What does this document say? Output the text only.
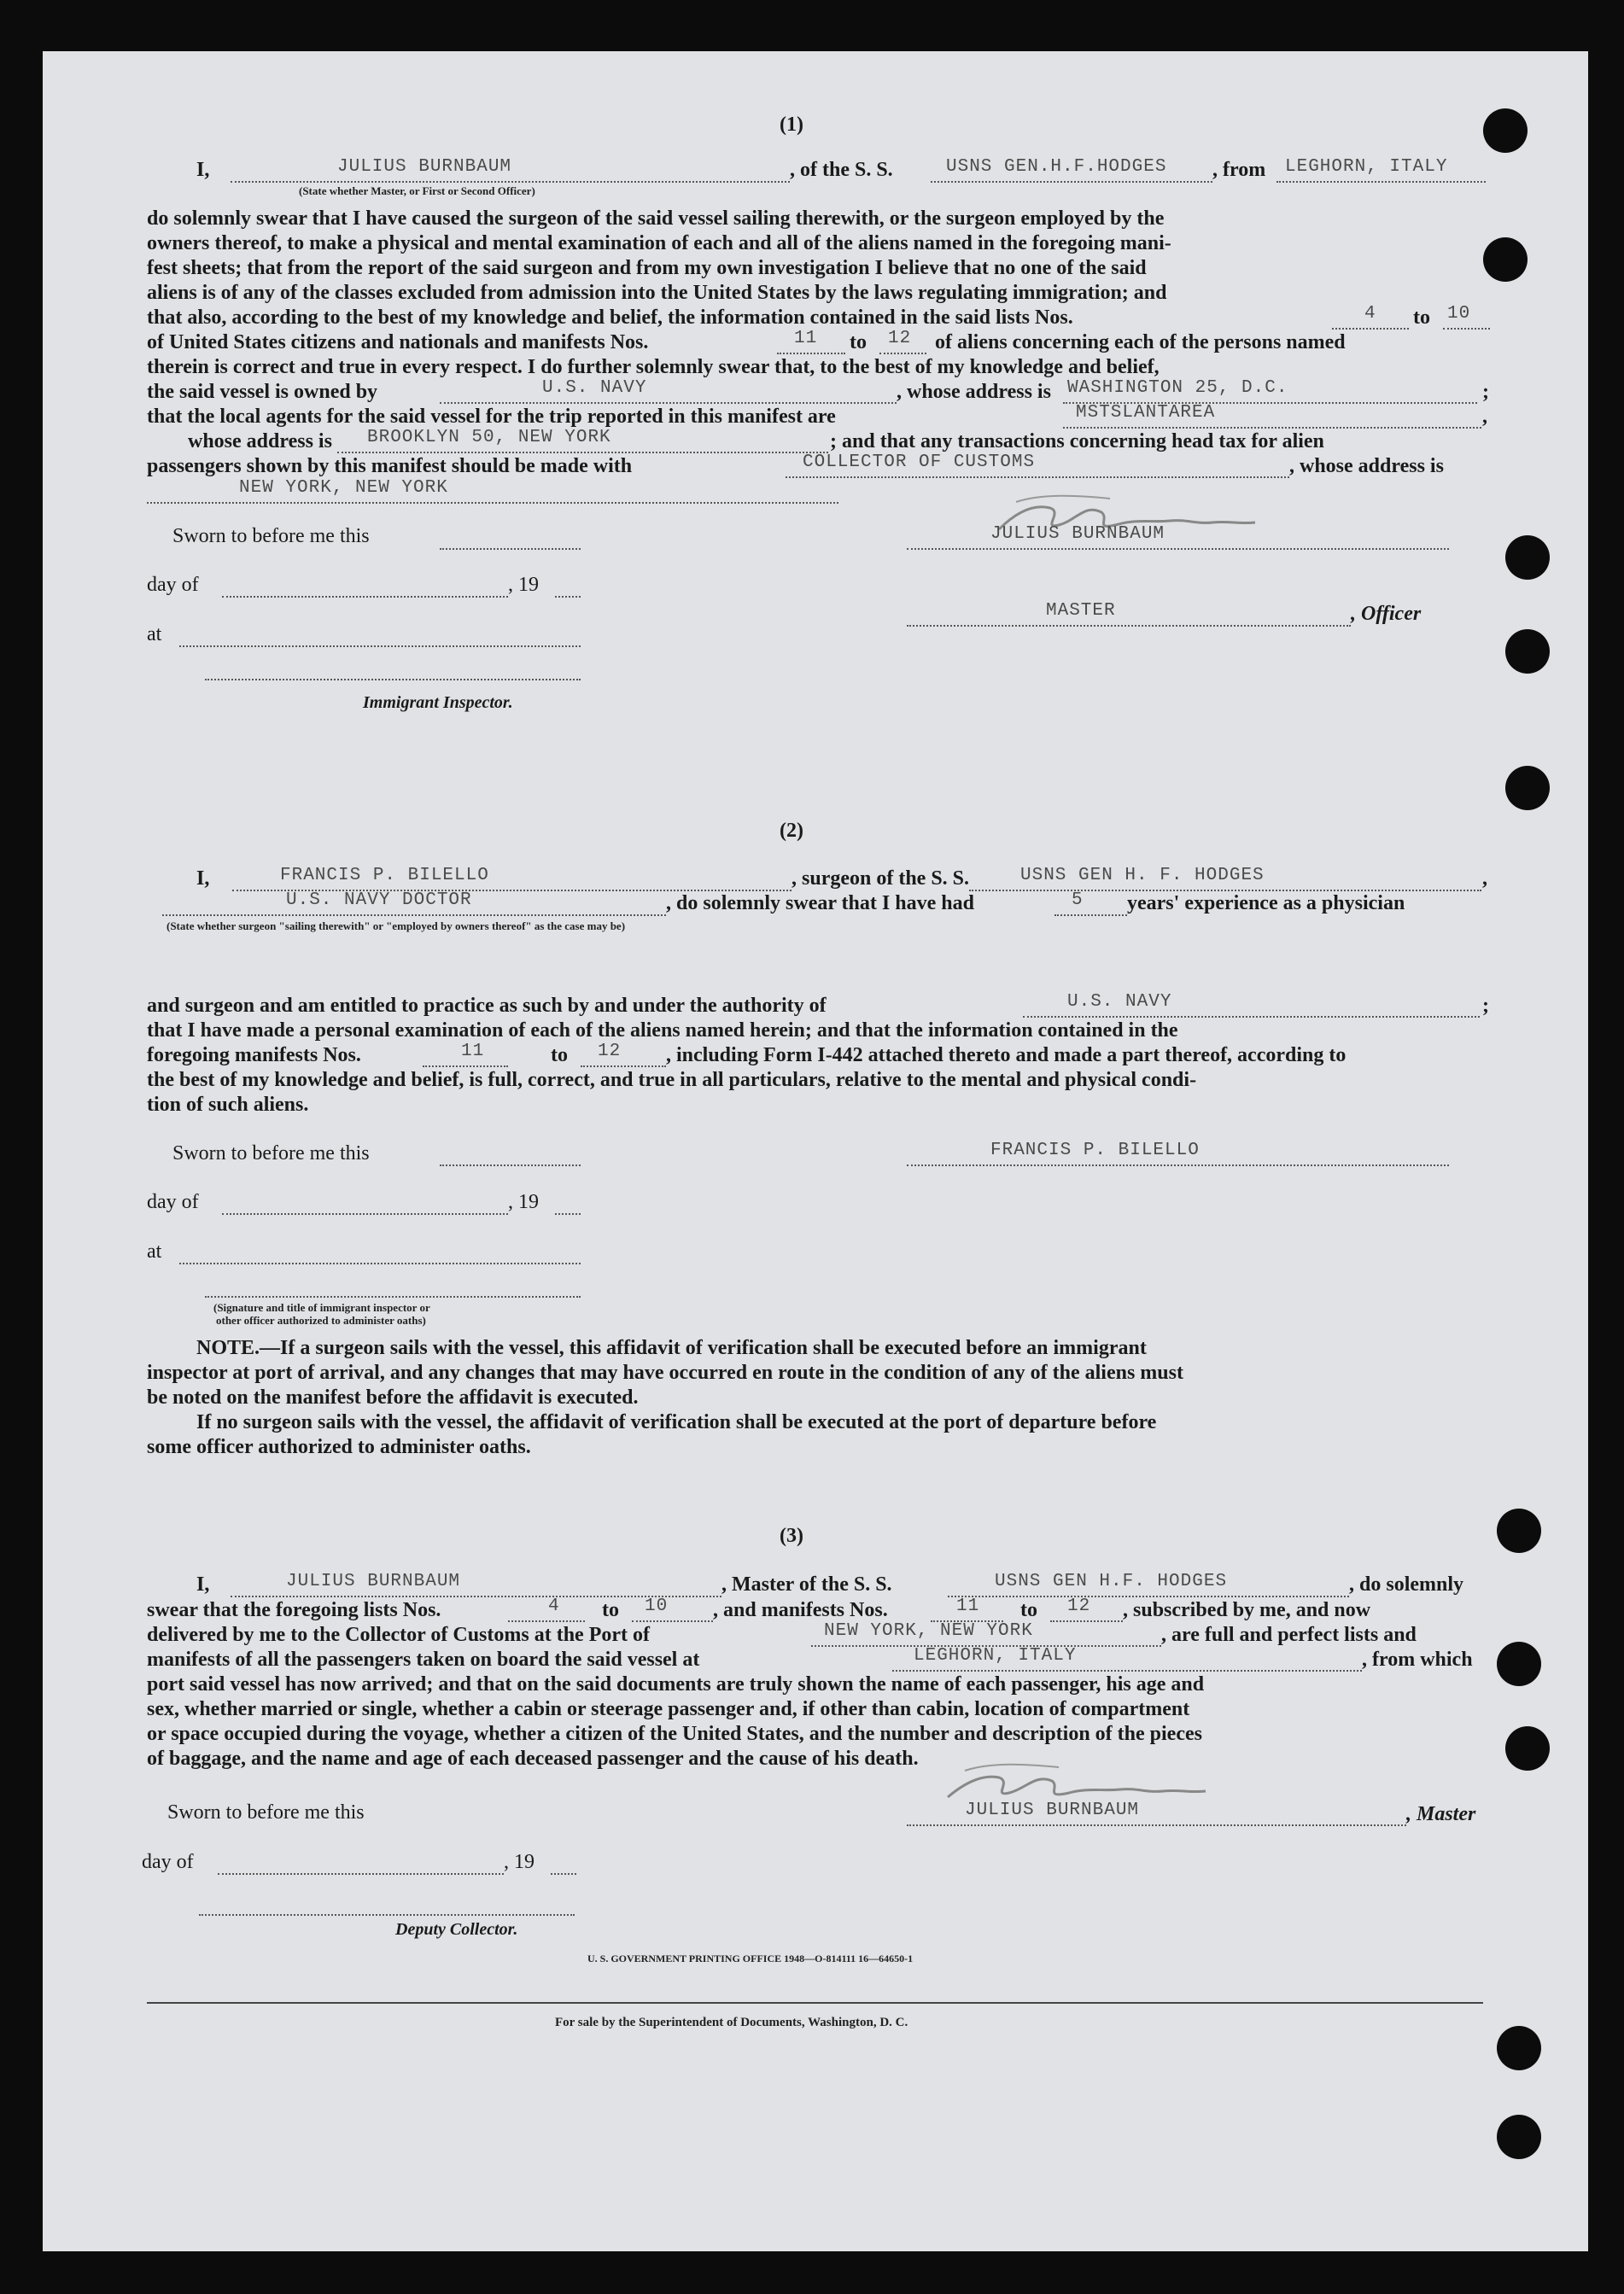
(1)
I,	JULIUS BURNBAUM
(State whether Master, or First or Second Officer)
, of the S. S.	USNS GEN.H.F.HODGES , from LEGHORN, ITALY
do solemnly swear that I have caused the surgeon of the said vessel sailing therewith, or the surgeon employed by the
owners thereof, to make a physical and mental examination of each and all of the aliens named in the foregoing mani-
fest sheets; that from the report of the said surgeon and from my own investigation I believe that no one of the said
aliens is of any of the classes excluded from admission into the United States by the laws regulating immigration; and
that also, according to the best of my knowledge and belief, the information contained in the said lists Nos.	4 to 10
of United States citizens and nationals and manifests Nos.	11 to 12 of aliens concerning each of the persons named
therein is correct and true in every respect. I do further solemnly swear that, to the best of my knowledge and belief,
the said vessel is owned by	U.S. NAVY	, whose address is WASHINGTON 25, D.C.	;
that the local agents for the said vessel for the trip reported in this manifest are	MSTSLANTAREA	,
whose address is BROOKLYN 50, NEW YORK	; and that any transactions concerning head tax for alien
passengers shown by this manifest should be made with	COLLECTOR OF CUSTOMS	, whose address is
NEW YORK, NEW YORK
Sworn to before me this	JULIUS BURNBAUM
day of	, 19
MASTER	, Officer
at
Immigrant Inspector.
(2)
I,	FRANCIS P. BILELLO	, surgeon of the S. S.	USNS GEN H. F. HODGES	,
U.S. NAVY DOCTOR	, do solemnly swear that I have had	5 years' experience as a physician
(State whether surgeon "sailing therewith" or "employed by owners thereof" as the case may be)
and surgeon and am entitled to practice as such by and under the authority of	U.S. NAVY	;
that I have made a personal examination of each of the aliens named herein; and that the information contained in the
foregoing manifests Nos.	11	to 12 , including Form I-442 attached thereto and made a part thereof, according to
the best of my knowledge and belief, is full, correct, and true in all particulars, relative to the mental and physical condi-
tion of such aliens.
Sworn to before me this	FRANCIS P. BILELLO
day of	, 19
at
(Signature and title of immigrant inspector or
other officer authorized to administer oaths)
NOTE.—If a surgeon sails with the vessel, this affidavit of verification shall be executed before an immigrant
inspector at port of arrival, and any changes that may have occurred en route in the condition of any of the aliens must
be noted on the manifest before the affidavit is executed.
If no surgeon sails with the vessel, the affidavit of verification shall be executed at the port of departure before
some officer authorized to administer oaths.
(3)
I,	JULIUS BURNBAUM	, Master of the S. S.	USNS GEN H.F. HODGES	, do solemnly
swear that the foregoing lists Nos.	4 to 10 , and manifests Nos.	11 to 12 , subscribed by me, and now
delivered by me to the Collector of Customs at the Port of	NEW YORK, NEW YORK	, are full and perfect lists and
manifests of all the passengers taken on board the said vessel at	LEGHORN, ITALY	, from which
port said vessel has now arrived; and that on the said documents are truly shown the name of each passenger, his age and
sex, whether married or single, whether a cabin or steerage passenger and, if other than cabin, location of compartment
or space occupied during the voyage, whether a citizen of the United States, and the number and description of the pieces
of baggage, and the name and age of each deceased passenger and the cause of his death.
Sworn to before me this	JULIUS BURNBAUM	, Master
day of	, 19
Deputy Collector.
U. S. GOVERNMENT PRINTING OFFICE 1948—O-814111 16—64650-1
For sale by the Superintendent of Documents, Washington, D. C.
